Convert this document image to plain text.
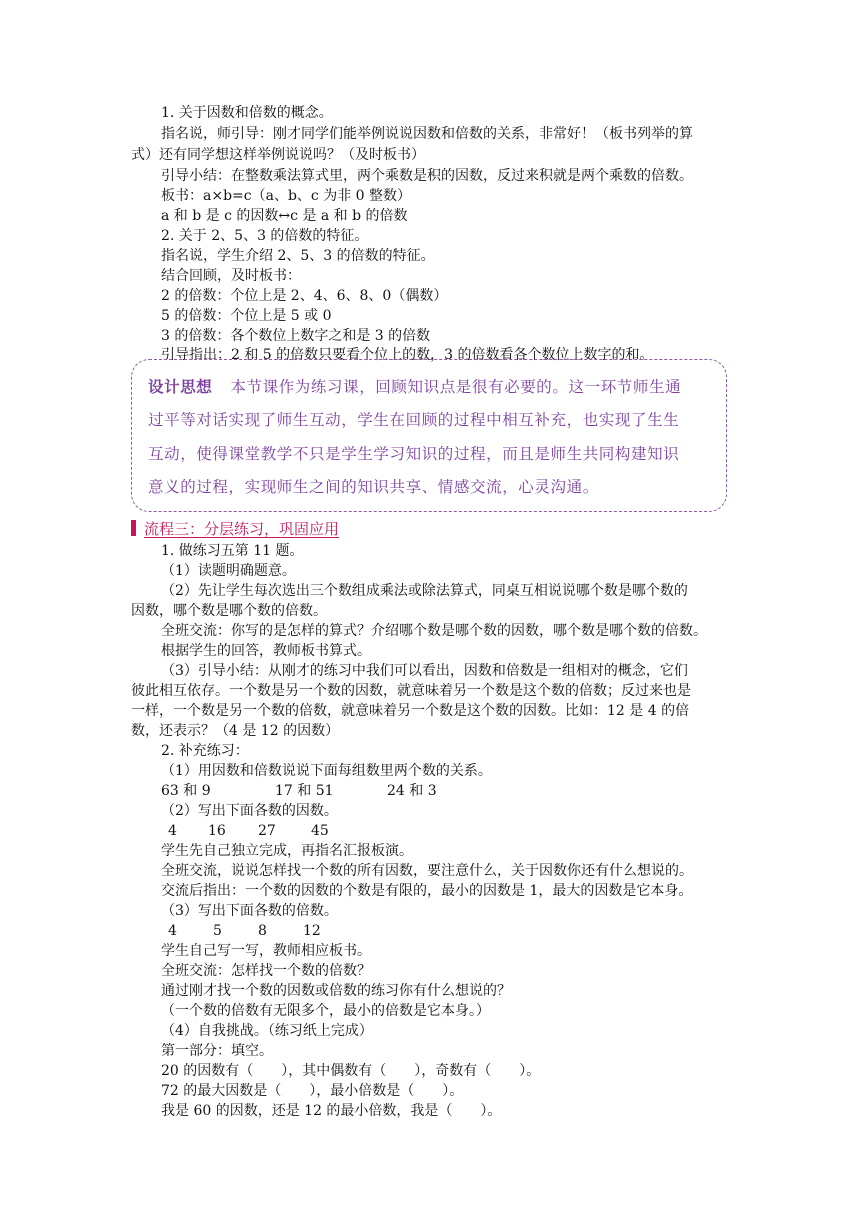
1. 关于因数和倍数的概念。
指名说，师引导：刚才同学们能举例说说因数和倍数的关系，非常好！（板书列举的算
式）还有同学想这样举例说说吗？（及时板书）
引导小结：在整数乘法算式里，两个乘数是积的因数，反过来积就是两个乘数的倍数。
板书：a×b=c（a、b、c 为非 0 整数）
a 和 b 是 c 的因数↔c 是 a 和 b 的倍数
2. 关于 2、5、3 的倍数的特征。
指名说，学生介绍 2、5、3 的倍数的特征。
结合回顾，及时板书：
2 的倍数：个位上是 2、4、6、8、0（偶数）
5 的倍数：个位上是 5 或 0
3 的倍数：各个数位上数字之和是 3 的倍数
引导指出：2 和 5 的倍数只要看个位上的数，3 的倍数看各个数位上数字的和。
设计思想 本节课作为练习课，回顾知识点是很有必要的。这一环节师生通
过平等对话实现了师生互动，学生在回顾的过程中相互补充，也实现了生生
互动，使得课堂教学不只是学生学习知识的过程，而且是师生共同构建知识
意义的过程，实现师生之间的知识共享、情感交流，心灵沟通。
流程三：分层练习，巩固应用
1. 做练习五第 11 题。
（1）读题明确题意。
（2）先让学生每次选出三个数组成乘法或除法算式，同桌互相说说哪个数是哪个数的
因数，哪个数是哪个数的倍数。
全班交流：你写的是怎样的算式？介绍哪个数是哪个数的因数，哪个数是哪个数的倍数。
根据学生的回答，教师板书算式。
（3）引导小结：从刚才的练习中我们可以看出，因数和倍数是一组相对的概念，它们
彼此相互依存。一个数是另一个数的因数，就意味着另一个数是这个数的倍数；反过来也是
一样，一个数是另一个数的倍数，就意味着另一个数是这个数的因数。比如：12 是 4 的倍
数，还表示？（4 是 12 的因数）
2. 补充练习：
（1）用因数和倍数说说下面每组数里两个数的关系。
63 和 9	17 和 51	24 和 3
（2）写出下面各数的因数。
4 16 27	45
学生先自己独立完成，再指名汇报板演。
全班交流，说说怎样找一个数的所有因数，要注意什么，关于因数你还有什么想说的。
交流后指出：一个数的因数的个数是有限的，最小的因数是 1，最大的因数是它本身。
（3）写出下面各数的倍数。
4	5	8	12
学生自己写一写，教师相应板书。
全班交流：怎样找一个数的倍数？
通过刚才找一个数的因数或倍数的练习你有什么想说的？
（一个数的倍数有无限多个，最小的倍数是它本身。）
（4）自我挑战。（练习纸上完成）
第一部分：填空。
20 的因数有（　　），其中偶数有（　　），奇数有（　　）。
72 的最大因数是（　　），最小倍数是（　　）。
我是 60 的因数，还是 12 的最小倍数，我是（　　）。
